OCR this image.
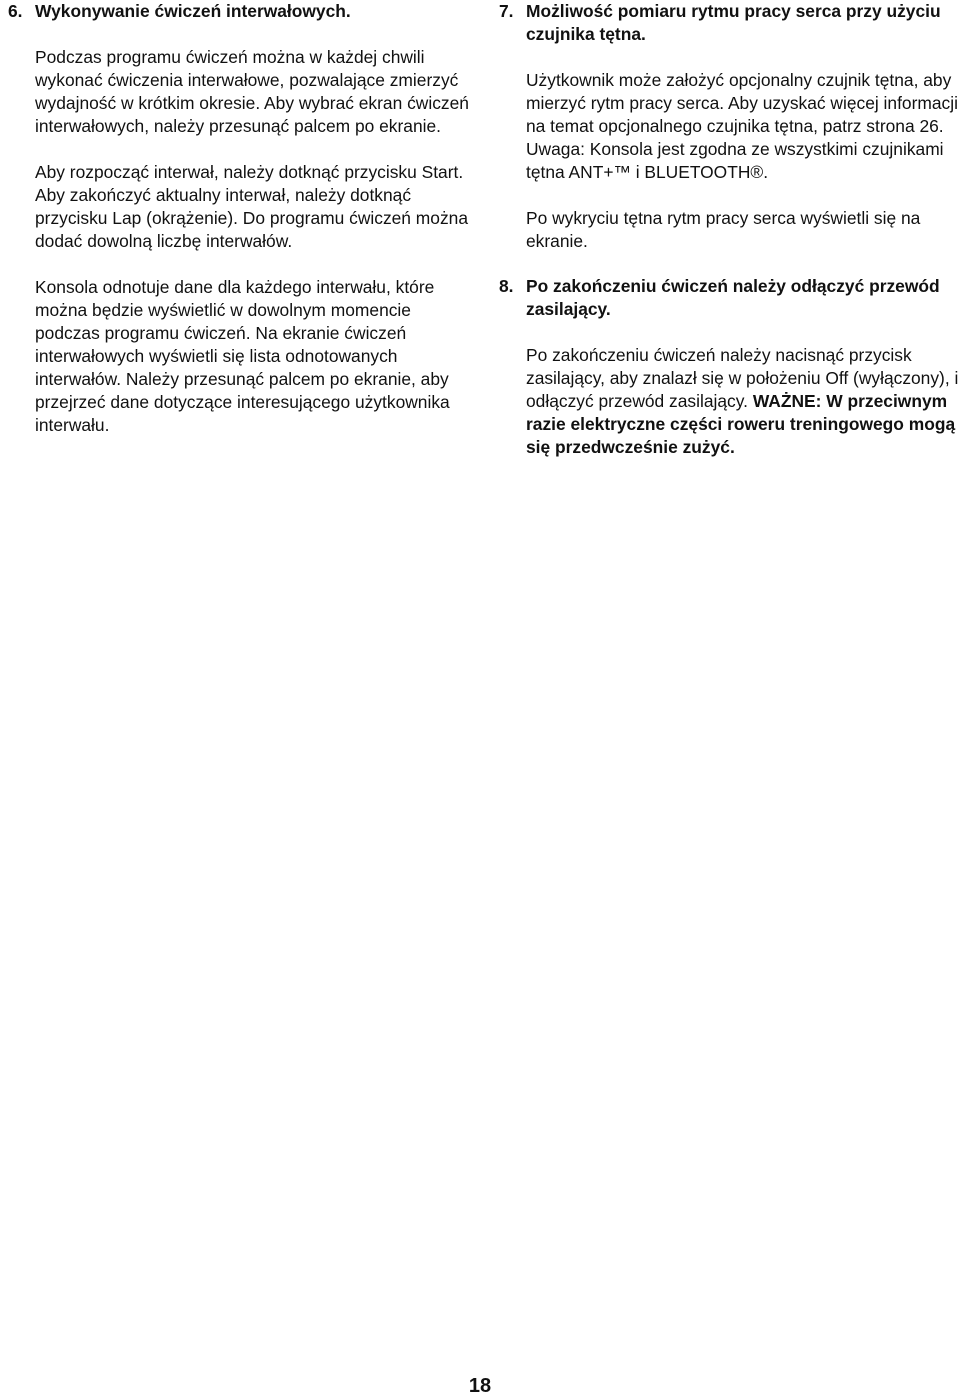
6. Wykonywanie ćwiczeń interwałowych.

Podczas programu ćwiczeń można w każdej chwili wykonać ćwiczenia interwałowe, pozwalające zmierzyć wydajność w krótkim okresie. Aby wybrać ekran ćwiczeń interwałowych, należy przesunąć palcem po ekranie.

Aby rozpocząć interwał, należy dotknąć przycisku Start. Aby zakończyć aktualny interwał, należy dotknąć przycisku Lap (okrążenie). Do programu ćwiczeń można dodać dowolną liczbę interwałów.

Konsola odnotuje dane dla każdego interwału, które można będzie wyświetlić w dowolnym momencie podczas programu ćwiczeń. Na ekranie ćwiczeń interwałowych wyświetli się lista odnotowanych interwałów. Należy przesunąć palcem po ekranie, aby przejrzeć dane dotyczące interesującego użytkownika interwału.

7. Możliwość pomiaru rytmu pracy serca przy użyciu czujnika tętna.

Użytkownik może założyć opcjonalny czujnik tętna, aby mierzyć rytm pracy serca. Aby uzyskać więcej informacji na temat opcjonalnego czujnika tętna, patrz strona 26. Uwaga: Konsola jest zgodna ze wszystkimi czujnikami tętna ANT+™ i BLUETOOTH®.

Po wykryciu tętna rytm pracy serca wyświetli się na ekranie.

8. Po zakończeniu ćwiczeń należy odłączyć przewód zasilający.

Po zakończeniu ćwiczeń należy nacisnąć przycisk zasilający, aby znalazł się w położeniu Off (wyłączony), i odłączyć przewód zasilający. WAŻNE: W przeciwnym razie elektryczne części roweru treningowego mogą się przedwcześnie zużyć.

18
